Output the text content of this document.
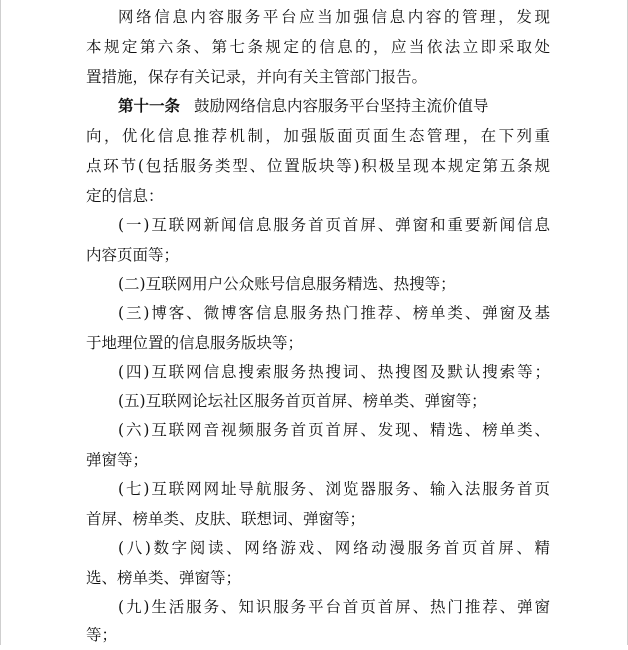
网络信息内容服务平台应当加强信息内容的管理，发现
本规定第六条、第七条规定的信息的，应当依法立即采取处
置措施，保存有关记录，并向有关主管部门报告。
第十一条 鼓励网络信息内容服务平台坚持主流价值导
向，优化信息推荐机制，加强版面页面生态管理，在下列重
点环节(包括服务类型、位置版块等)积极呈现本规定第五条规
定的信息：
(一)互联网新闻信息服务首页首屏、弹窗和重要新闻信息
内容页面等；
(二)互联网用户公众账号信息服务精选、热搜等；
(三)博客、微博客信息服务热门推荐、榜单类、弹窗及基
于地理位置的信息服务版块等；
(四)互联网信息搜索服务热搜词、热搜图及默认搜索等；
(五)互联网论坛社区服务首页首屏、榜单类、弹窗等；
(六)互联网音视频服务首页首屏、发现、精选、榜单类、
弹窗等；
(七)互联网网址导航服务、浏览器服务、输入法服务首页
首屏、榜单类、皮肤、联想词、弹窗等；
(八)数字阅读、网络游戏、网络动漫服务首页首屏、精
选、榜单类、弹窗等；
(九)生活服务、知识服务平台首页首屏、热门推荐、弹窗
等；
